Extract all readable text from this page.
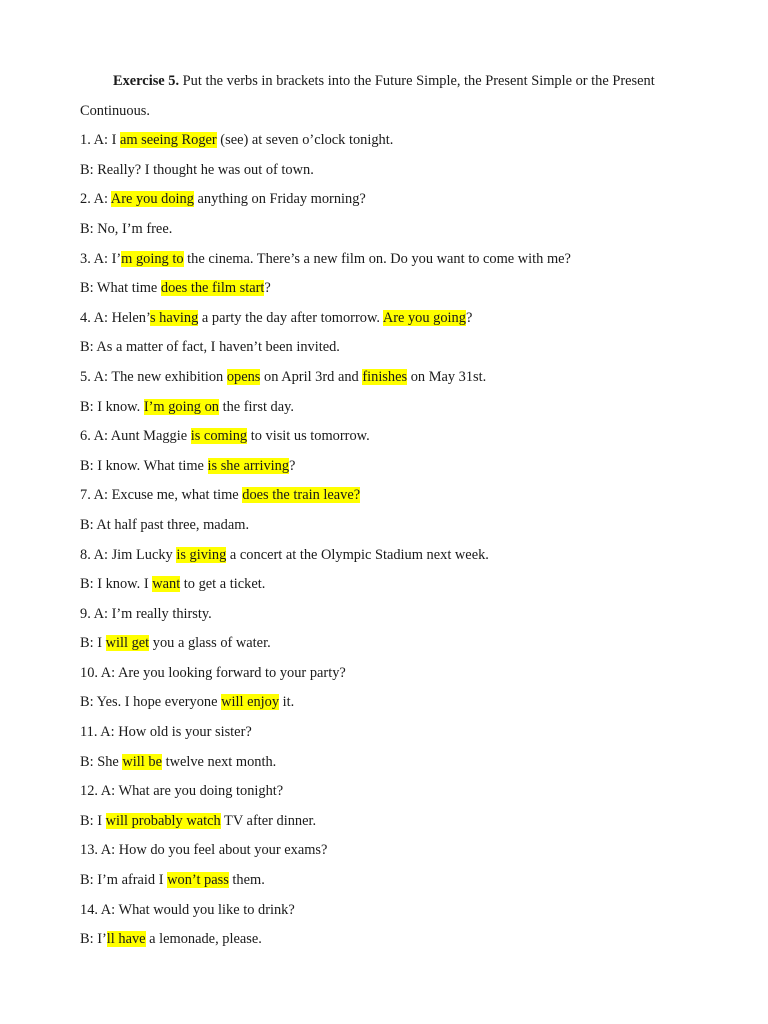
Exercise 5. Put the verbs in brackets into the Future Simple, the Present Simple or the Present
Continuous.
1. A: I am seeing Roger (see) at seven o’clock tonight.
B: Really? I thought he was out of town.
2. A: Are you doing anything on Friday morning?
B: No, I’m free.
3. A: I’m going to the cinema. There’s a new film on. Do you want to come with me?
B: What time does the film start?
4. A: Helen’s having a party the day after tomorrow. Are you going?
B: As a matter of fact, I haven’t been invited.
5. A: The new exhibition opens on April 3rd and finishes on May 31st.
B: I know. I’m going on the first day.
6. A: Aunt Maggie is coming to visit us tomorrow.
B: I know. What time is she arriving?
7. A: Excuse me, what time does the train leave?
B: At half past three, madam.
8. A: Jim Lucky is giving a concert at the Olympic Stadium next week.
B: I know. I want to get a ticket.
9. A: I’m really thirsty.
B: I will get you a glass of water.
10. A: Are you looking forward to your party?
B: Yes. I hope everyone will enjoy it.
11. A: How old is your sister?
B: She will be twelve next month.
12. A: What are you doing tonight?
B: I will probably watch TV after dinner.
13. A: How do you feel about your exams?
B: I’m afraid I won’t pass them.
14. A: What would you like to drink?
B: I’ll have a lemonade, please.
